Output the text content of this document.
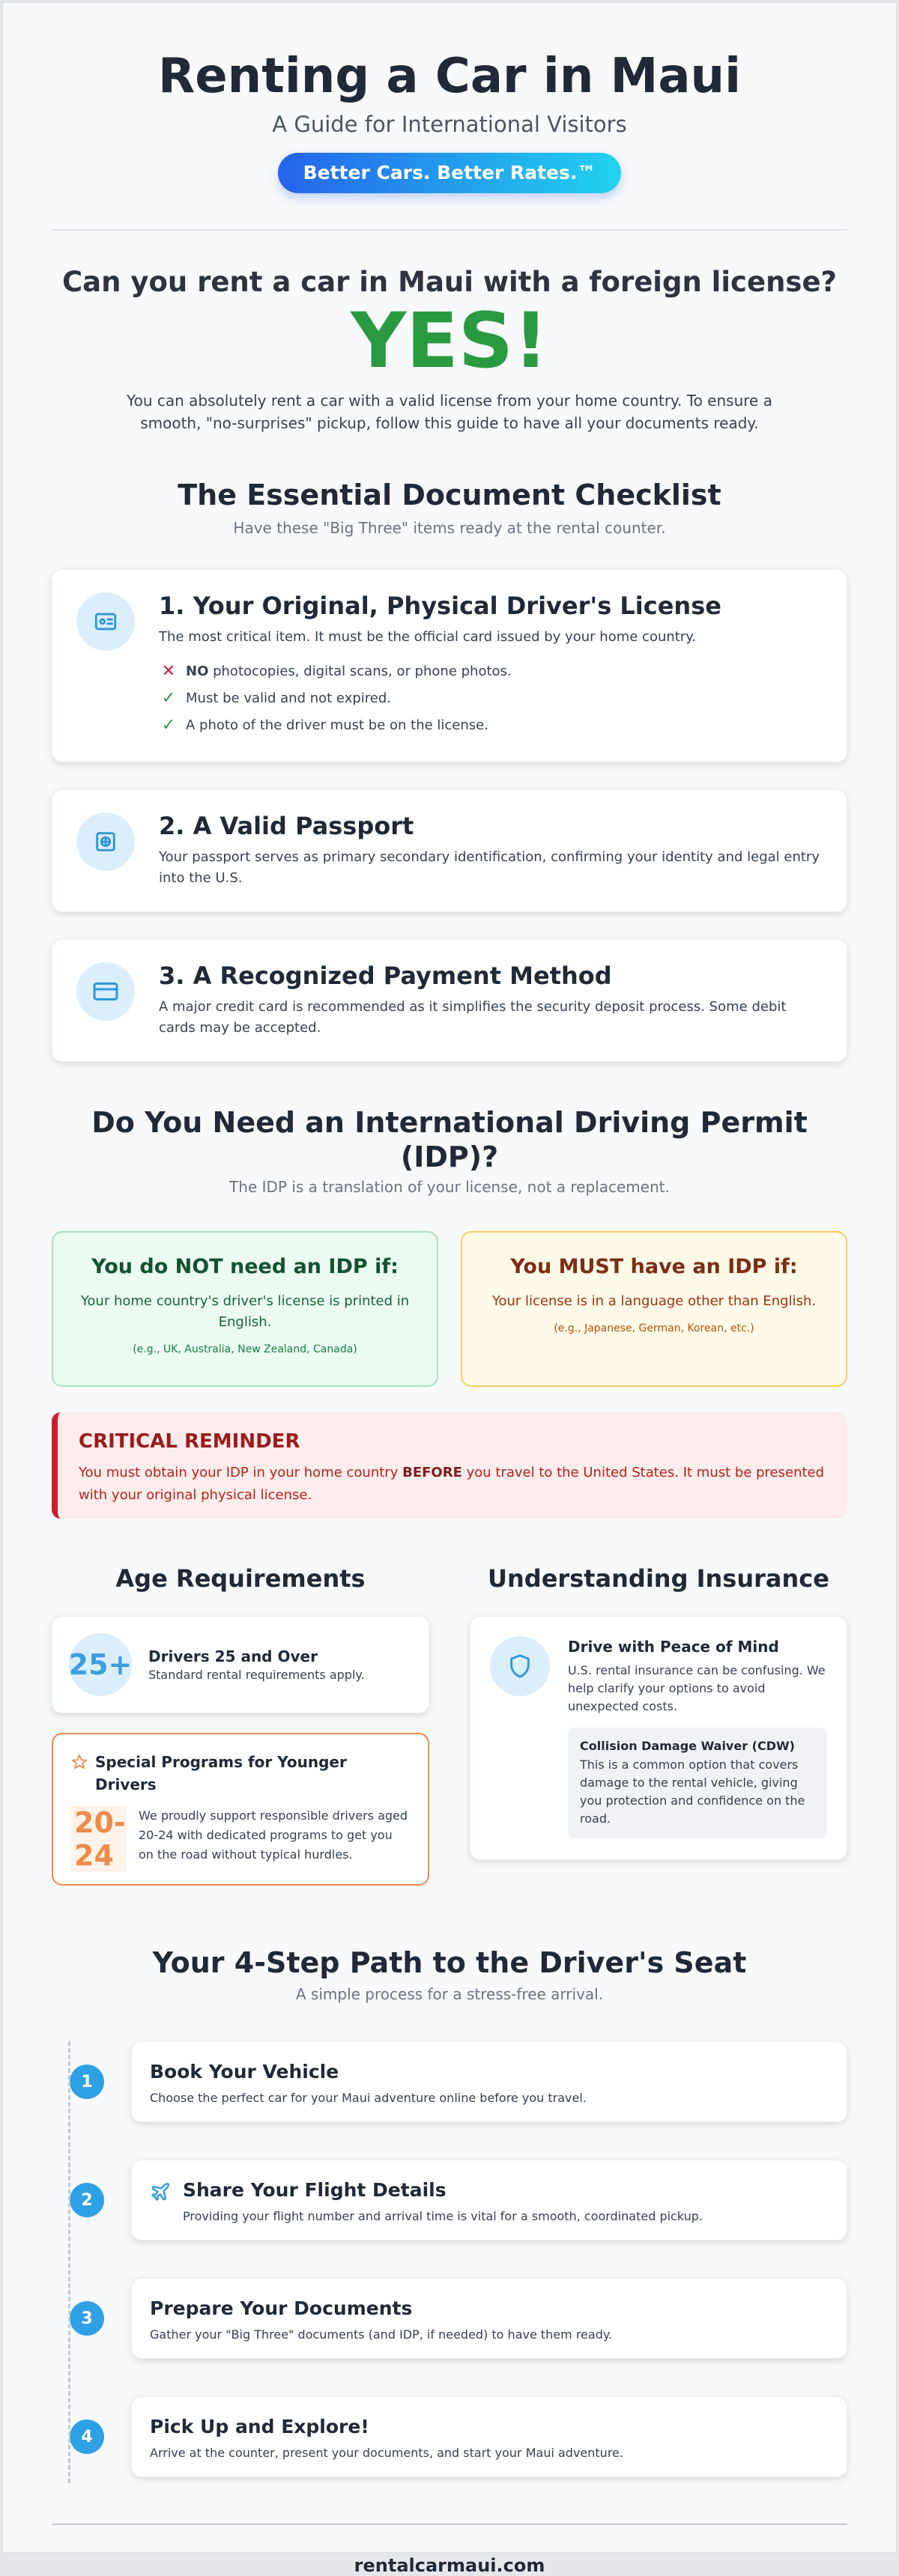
Renting a Car in Maui
A Guide for International Visitors
Better Cars. Better Rates.™
Can you rent a car in Maui with a foreign license?
YES!

You can absolutely rent a car with a valid license from your home country. To ensure a smooth, "no-surprises" pickup, follow this guide to have all your documents ready.

The Essential Document Checklist
Have these "Big Three" items ready at the rental counter.
1. Your Original, Physical Driver's License

The most critical item. It must be the official card issued by your home country.

✕ NO photocopies, digital scans, or phone photos.
✓ Must be valid and not expired.
✓ A photo of the driver must be on the license.
2. A Valid Passport

Your passport serves as primary secondary identification, confirming your identity and legal entry into the U.S.

3. A Recognized Payment Method

A major credit card is recommended as it simplifies the security deposit process. Some debit cards may be accepted.

Do You Need an International Driving Permit (IDP)?
The IDP is a translation of your license, not a replacement.
You do NOT need an IDP if:
Your home country's driver's license is printed in English.
(e.g., UK, Australia, New Zealand, Canada)
You MUST have an IDP if:
Your license is in a language other than English.
(e.g., Japanese, German, Korean, etc.)
CRITICAL REMINDER
You must obtain your IDP in your home country BEFORE you travel to the United States. It must be presented with your original physical license.
Age Requirements
25+ Drivers 25 and Over
Standard rental requirements apply.
Special Programs for Younger Drivers
20-24
We proudly support responsible drivers aged 20-24 with dedicated programs to get you on the road without typical hurdles.
Understanding Insurance
Drive with Peace of Mind
U.S. rental insurance can be confusing. We help clarify your options to avoid unexpected costs.
Collision Damage Waiver (CDW)
This is a common option that covers damage to the rental vehicle, giving you protection and confidence on the road.
Your 4-Step Path to the Driver's Seat
A simple process for a stress-free arrival.
1	Book Your Vehicle
Choose the perfect car for your Maui adventure online before you travel.
2	Share Your Flight Details
Providing your flight number and arrival time is vital for a smooth, coordinated pickup.
3	Prepare Your Documents
Gather your "Big Three" documents (and IDP, if needed) to have them ready.
4	Pick Up and Explore!
Arrive at the counter, present your documents, and start your Maui adventure.
rentalcarmaui.com
